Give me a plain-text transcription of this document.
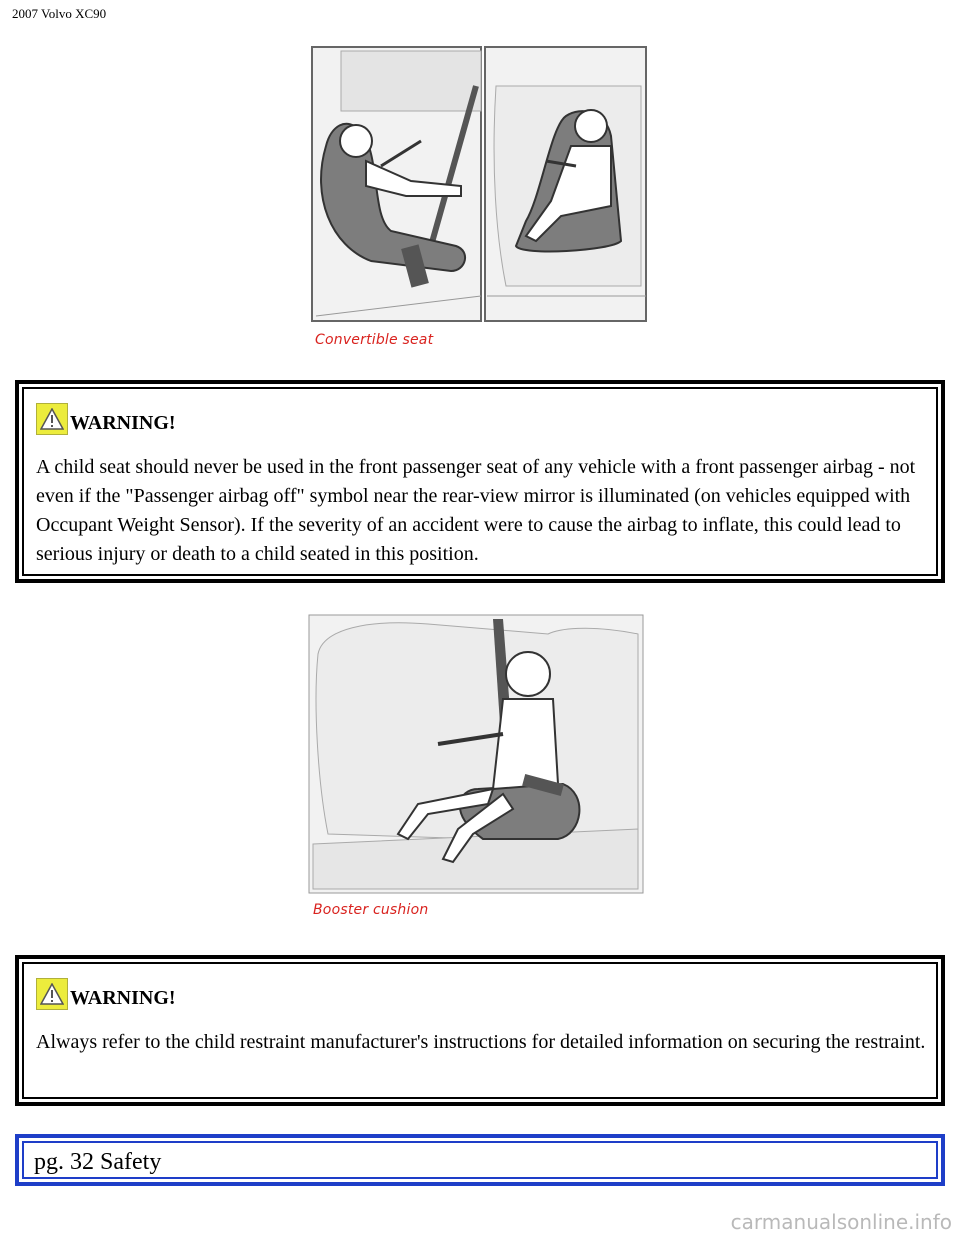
2007 Volvo XC90
Convertible seat
WARNING!

A child seat should never be used in the front passenger seat of any vehicle with a front passenger airbag - not even if the "Passenger airbag off" symbol near the rear-view mirror is illuminated (on vehicles equipped with Occupant Weight Sensor). If the severity of an accident were to cause the airbag to inflate, this could lead to serious injury or death to a child seated in this position.

Booster cushion
WARNING!

Always refer to the child restraint manufacturer's instructions for detailed information on securing the restraint.

pg. 32 Safety
carmanualsonline.info
